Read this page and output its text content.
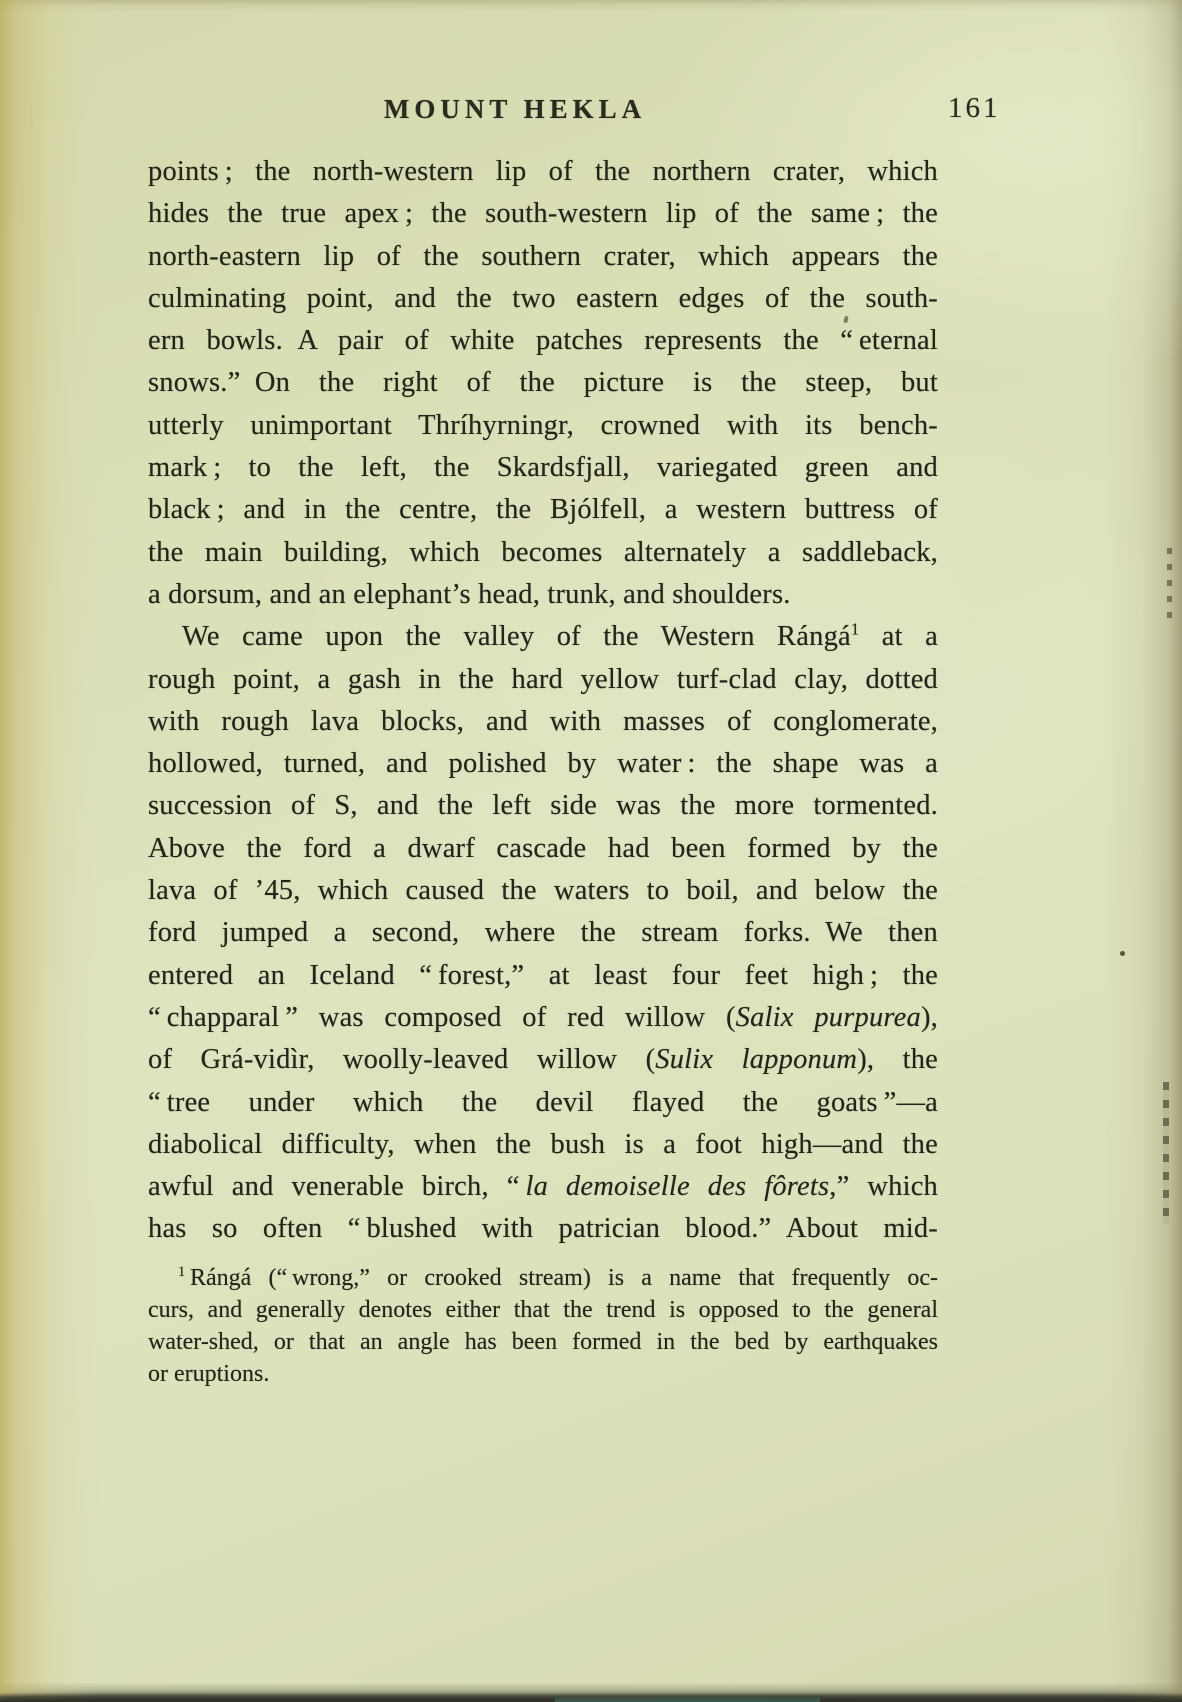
MOUNT HEKLA	161
points ; the north-western lip of the northern crater, which
hides the true apex ; the south-western lip of the same ; the
north-eastern lip of the southern crater, which appears the
culminating point, and the two eastern edges of the south-
ern bowls. A pair of white patches represents the “ eternal
snows.” On the right of the picture is the steep, but
utterly unimportant Thríhyrningr, crowned with its bench-
mark ; to the left, the Skardsfjall, variegated green and
black ; and in the centre, the Bjólfell, a western buttress of
the main building, which becomes alternately a saddleback,
a dorsum, and an elephant’s head, trunk, and shoulders.
We came upon the valley of the Western Rángá$^1$ at a
rough point, a gash in the hard yellow turf-clad clay, dotted
with rough lava blocks, and with masses of conglomerate,
hollowed, turned, and polished by water : the shape was a
succession of S, and the left side was the more tormented.
Above the ford a dwarf cascade had been formed by the
lava of ’45, which caused the waters to boil, and below the
ford jumped a second, where the stream forks. We then
entered an Iceland “ forest,” at least four feet high ; the
“ chapparal ” was composed of red willow (Salix purpurea),
of Grá-vidìr, woolly-leaved willow (Sulix lapponum), the
“ tree under which the devil flayed the goats ”—a
diabolical difficulty, when the bush is a foot high—and the
awful and venerable birch, “ la demoiselle des fôrets,” which
has so often “ blushed with patrician blood.” About mid-
$^1$ Rángá (“ wrong,” or crooked stream) is a name that frequently oc-
curs, and generally denotes either that the trend is opposed to the general
water-shed, or that an angle has been formed in the bed by earthquakes
or eruptions.
